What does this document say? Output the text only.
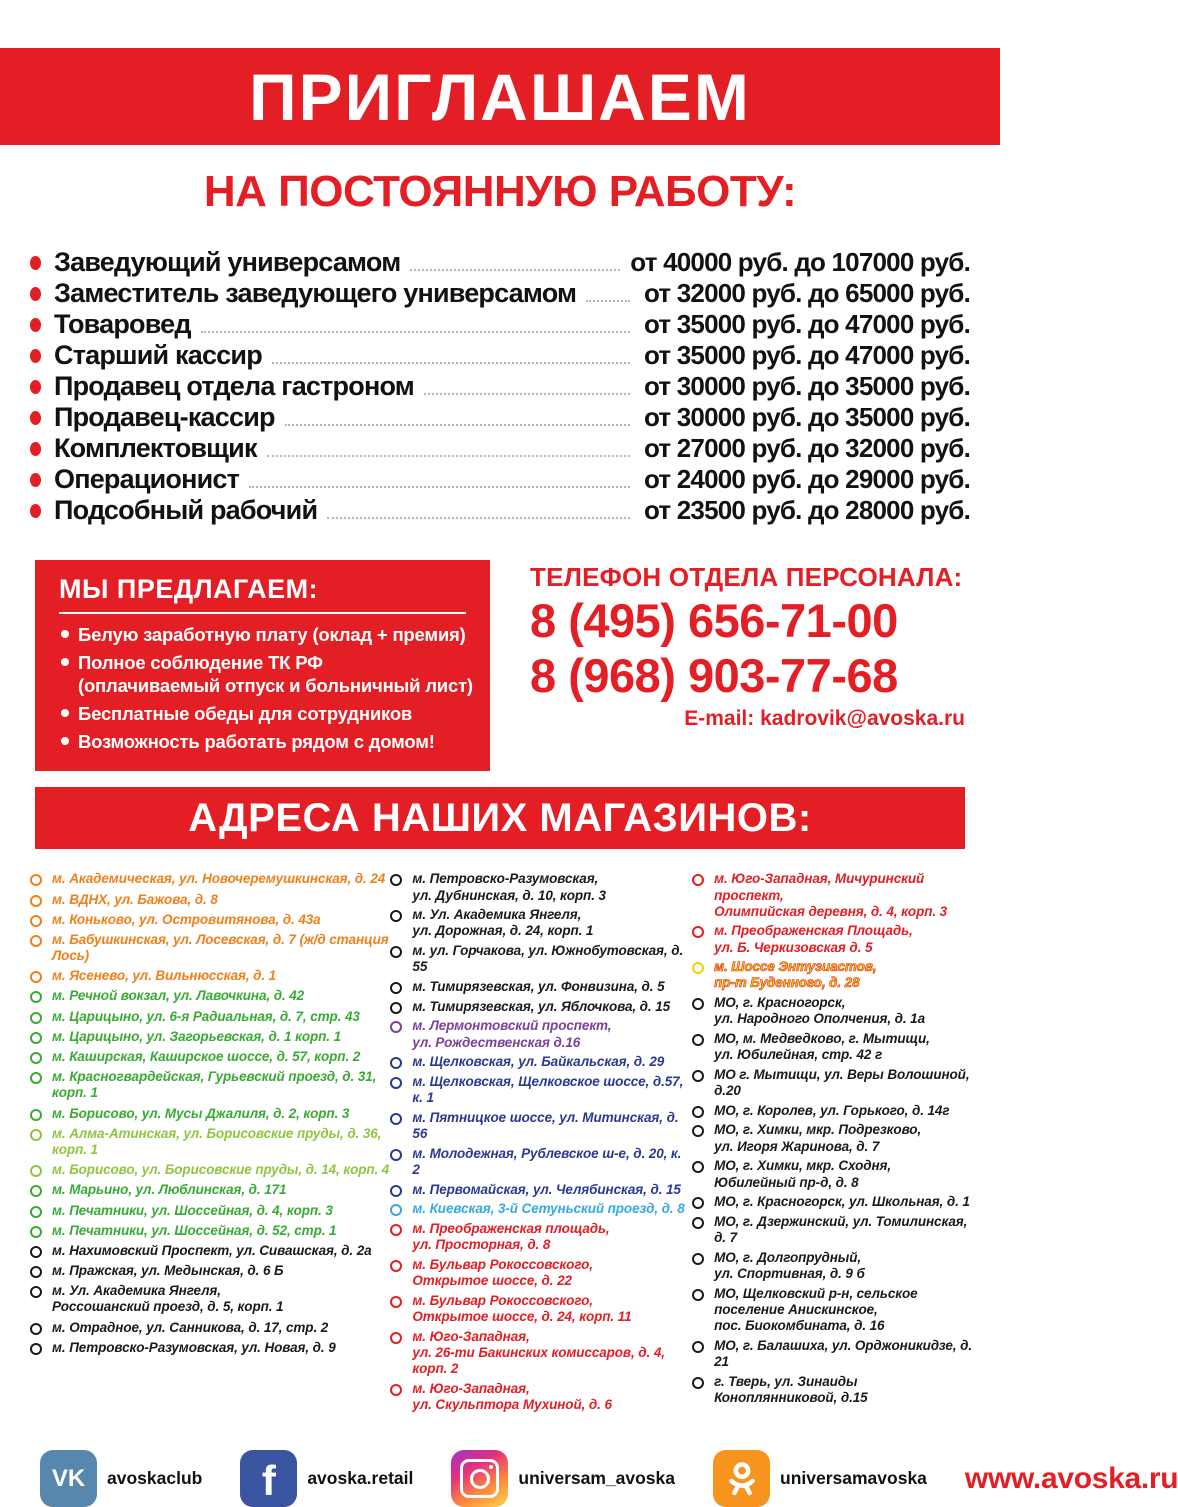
ПРИГЛАШАЕМ
НА ПОСТОЯННУЮ РАБОТУ:
Заведующий универсамом	от 40000 руб. до 107000 руб.
Заместитель заведующего универсамом	от 32000 руб. до 65000 руб.
Товаровед	от 35000 руб. до 47000 руб.
Старший кассир	от 35000 руб. до 47000 руб.
Продавец отдела гастроном	от 30000 руб. до 35000 руб.
Продавец-кассир	от 30000 руб. до 35000 руб.
Комплектовщик	от 27000 руб. до 32000 руб.
Операционист	от 24000 руб. до 29000 руб.
Подсобный рабочий	от 23500 руб. до 28000 руб.
МЫ ПРЕДЛАГАЕМ:
Белую заработную плату (оклад + премия)
Полное соблюдение ТК РФ
(оплачиваемый отпуск и больничный лист)
Бесплатные обеды для сотрудников
Возможность работать рядом с домом!
ТЕЛЕФОН ОТДЕЛА ПЕРСОНАЛА:
8 (495) 656-71-00
8 (968) 903-77-68
E-mail: kadrovik@avoska.ru
АДРЕСА НАШИХ МАГАЗИНОВ:
м. Академическая, ул. Новочеремушкинская, д. 24
м. ВДНХ, ул. Бажова, д. 8
м. Коньково, ул. Островитянова, д. 43а
м. Бабушкинская, ул. Лосевская, д. 7 (ж/д станция Лось)
м. Ясенево, ул. Вильнюсская, д. 1
м. Речной вокзал, ул. Лавочкина, д. 42
м. Царицыно, ул. 6-я Радиальная, д. 7, стр. 43
м. Царицыно, ул. Загорьевская, д. 1 корп. 1
м. Каширская, Каширское шоссе, д. 57, корп. 2
м. Красногвардейская, Гурьевский проезд, д. 31, корп. 1
м. Борисово, ул. Мусы Джалиля, д. 2, корп. 3
м. Алма-Атинская, ул. Борисовские пруды, д. 36, корп. 1
м. Борисово, ул. Борисовские пруды, д. 14, корп. 4
м. Марьино, ул. Люблинская, д. 171
м. Печатники, ул. Шоссейная, д. 4, корп. 3
м. Печатники, ул. Шоссейная, д. 52, стр. 1
м. Нахимовский Проспект, ул. Сивашская, д. 2а
м. Пражская, ул. Медынская, д. 6 Б
м. Ул. Академика Янгеля,
Россошанский проезд, д. 5, корп. 1
м. Отрадное, ул. Санникова, д. 17, стр. 2
м. Петровско-Разумовская, ул. Новая, д. 9
м. Петровско-Разумовская,
ул. Дубнинская, д. 10, корп. 3
м. Ул. Академика Янгеля,
ул. Дорожная, д. 24, корп. 1
м. ул. Горчакова, ул. Южнобутовская, д. 55
м. Тимирязевская, ул. Фонвизина, д. 5
м. Тимирязевская, ул. Яблочкова, д. 15
м. Лермонтовский проспект,
ул. Рождественская д.16
м. Щелковская, ул. Байкальская, д. 29
м. Щелковская, Щелковское шоссе, д.57, к. 1
м. Пятницкое шоссе, ул. Митинская, д. 56
м. Молодежная, Рублевское ш-е, д. 20, к. 2
м. Первомайская, ул. Челябинская, д. 15
м. Киевская, 3-й Сетуньский проезд, д. 8
м. Преображенская площадь,
ул. Просторная, д. 8
м. Бульвар Рокоссовского,
Открытое шоссе, д. 22
м. Бульвар Рокоссовского,
Открытое шоссе, д. 24, корп. 11
м. Юго-Западная,
ул. 26-ти Бакинских комиссаров, д. 4, корп. 2
м. Юго-Западная,
ул. Скульптора Мухиной, д. 6
м. Юго-Западная, Мичуринский проспект,
Олимпийская деревня, д. 4, корп. 3
м. Преображенская Площадь,
ул. Б. Черкизовская д. 5
м. Шоссе Энтузиастов,
пр-т Буденного, д. 28
МО, г. Красногорск,
ул. Народного Ополчения, д. 1а
МО, м. Медведково, г. Мытищи,
ул. Юбилейная, стр. 42 г
МО г. Мытищи, ул. Веры Волошиной, д.20
МО, г. Королев, ул. Горького, д. 14г
МО, г. Химки, мкр. Подрезково,
ул. Игоря Жаринова, д. 7
МО, г. Химки, мкр. Сходня,
Юбилейный пр-д, д. 8
МО, г. Красногорск, ул. Школьная, д. 1
МО, г. Дзержинский, ул. Томилинская, д. 7
МО, г. Долгопрудный,
ул. Спортивная, д. 9 б
МО, Щелковский р-н, сельское
поселение Анискинское,
пос. Биокомбината, д. 16
МО, г. Балашиха, ул. Орджоникидзе, д. 21
г. Тверь, ул. Зинаиды Коноплянниковой, д.15
VK avoskaclub f avoska.retail	universam_avoska	universamavoska www.avoska.ru
